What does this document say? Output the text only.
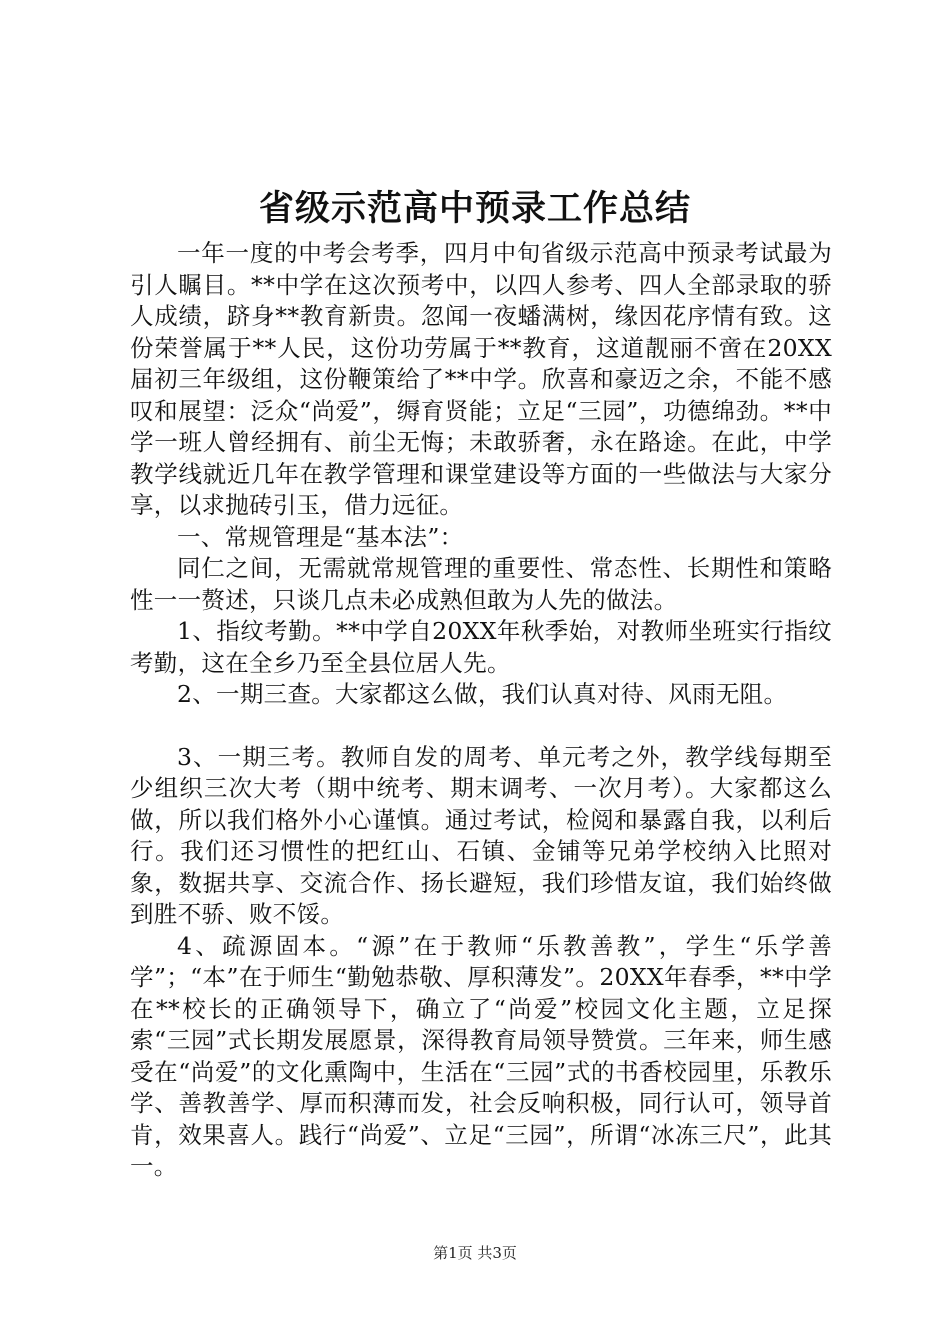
省级示范高中预录工作总结

一年一度的中考会考季，四月中旬省级示范高中预录考试最为引人瞩目。**中学在这次预考中，以四人参考、四人全部录取的骄人成绩，跻身**教育新贵。忽闻一夜蟠满树，缘因花序情有致。这份荣誉属于**人民，这份功劳属于**教育，这道靓丽不啻在20XX届初三年级组，这份鞭策给了**中学。欣喜和豪迈之余，不能不感叹和展望：泛众“尚爱”，缛育贤能；立足“三园”，功德绵劲。**中学一班人曾经拥有、前尘无悔；未敢骄奢，永在路途。在此，中学教学线就近几年在教学管理和课堂建设等方面的一些做法与大家分享，以求抛砖引玉，借力远征。

一、常规管理是“基本法”：

同仁之间，无需就常规管理的重要性、常态性、长期性和策略性一一赘述，只谈几点未必成熟但敢为人先的做法。

1、指纹考勤。**中学自20XX年秋季始，对教师坐班实行指纹考勤，这在全乡乃至全县位居人先。

2、一期三查。大家都这么做，我们认真对待、风雨无阻。

3、一期三考。教师自发的周考、单元考之外，教学线每期至少组织三次大考（期中统考、期末调考、一次月考）。大家都这么做，所以我们格外小心谨慎。通过考试，检阅和暴露自我，以利后行。我们还习惯性的把红山、石镇、金铺等兄弟学校纳入比照对象，数据共享、交流合作、扬长避短，我们珍惜友谊，我们始终做到胜不骄、败不馁。

4、疏源固本。“源”在于教师“乐教善教”，学生“乐学善学”；“本”在于师生“勤勉恭敬、厚积薄发”。20XX年春季，**中学在**校长的正确领导下，确立了“尚爱”校园文化主题，立足探索“三园”式长期发展愿景，深得教育局领导赞赏。三年来，师生感受在“尚爱”的文化熏陶中，生活在“三园”式的书香校园里，乐教乐学、善教善学、厚而积薄而发，社会反响积极，同行认可，领导首肯，效果喜人。践行“尚爱”、立足“三园”，所谓“冰冻三尺”，此其一。

第1页 共3页
